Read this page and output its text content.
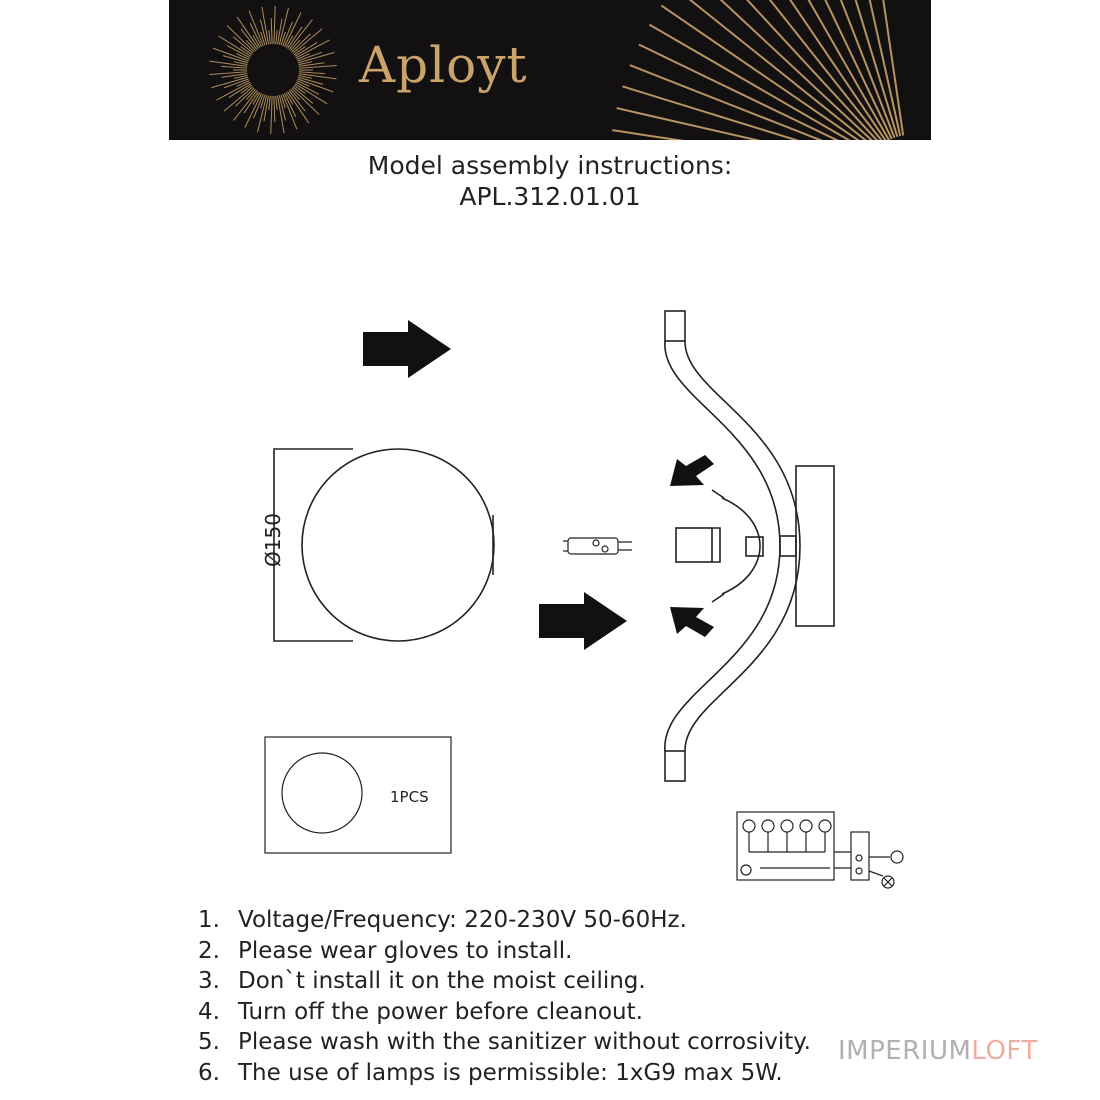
Aployt
Model assembly instructions:
APL.312.01.01
Ø150
1PCS
1. Voltage/Frequency: 220-230V 50-60Hz.
2. Please wear gloves to install.
3. Don`t install it on the moist ceiling.
4. Turn off the power before cleanout.
5. Please wash with the sanitizer without corrosivity.
6. The use of lamps is permissible: 1xG9 max 5W.
IMPERIUMLOFT
